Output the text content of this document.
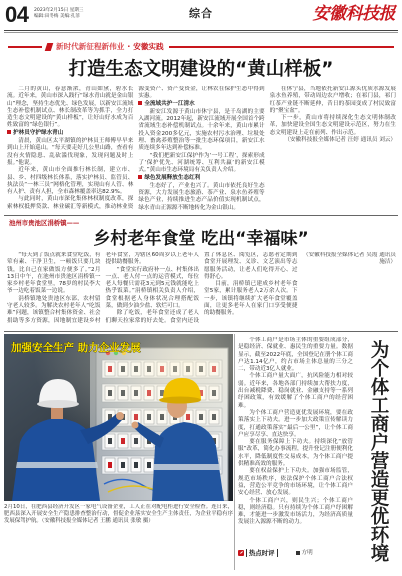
04 2023年2月15日 星期三
编辑:田冬梅 美编:孔菲	综合	安徽科技报
新时代新征程新伟业 · 安徽实践
打造生态文明建设的“黄山样板”

二月的黄山，春意渐浓，青山如黛，碧水长流。近年来，黄山市深入践行“绿水青山就是金山银山”理念，坚持生态优先、绿色发展，以新安江流域生态补偿机制试点、林长制改革等为抓手，全力打造生态文明建设的“黄山样板”，让好山好水成为百姓致富的“绿色银行”。

护林员守护绿水青山

清晨，黄山区太平湖镇的护林员王师傅早早来到山上开始巡山。“每天要走好几公里山路，查看有没有火情隐患、乱砍滥伐现象，发现问题及时上报。”他说。

近年来，黄山市全面推行林长制，建立市、县、乡、村四级林长体系，落实护林员、监管员、执法员“一林三员”网格化管理，实现山有人管、林有人护、责有人担，全市森林覆盖率达82.9%。

与此同时，黄山市深化集体林权制度改革，探索林权抵押贷款、林业碳汇等新模式，推动林业资源变资产、资产变资金，让林农在保护生态中得到实惠。

全流域共护一江清水

新安江发源于黄山市休宁县，是千岛湖的主要入湖河流。2012年起，新安江流域开展全国首个跨省流域生态补偿机制试点。十余年来，黄山市累计投入资金200多亿元，实施农村污水治理、垃圾处理、畜禽养殖整治等一批生态环保项目，新安江水质连续多年达到补偿标准。

“我们把新安江保护作为‘一号工程’，探索形成了‘保护优先、河湖统筹、互利共赢’的新安江模式。”黄山市生态环境局有关负责人介绍。

绿色发展释放生态红利

生态好了，产业也兴了。黄山市依托良好生态资源，大力发展生态旅游、茶产业、泉水鱼养殖等绿色产业，持续推进生态产品价值实现机制试点，绿水青山正源源不断地转化为金山银山。

在休宁县，当地依托新安江源头优质水源发展泉水鱼养殖，带动周边农户增收；在祁门县，祁门红茶产业链不断延伸，昔日的茶园变成了村民致富的“聚宝盆”。

下一步，黄山市将持续深化生态文明体制改革，加快建设全国生态文明建设示范区，努力在生态文明建设上走在前列、作出示范。

（安徽科技报全媒体记者 汪婷 通讯员 刘云）
池州市贵池区涓桥镇——
乡村老年食堂 吃出“幸福味”

“每天到了饭点就来食堂吃饭，有荤有素、干净卫生，一顿饭只要几块钱，比自己在家做饭方便多了。”2月13日中午，在池州市贵池区涓桥镇一家乡村老年食堂里，78岁的村民李大爷一边吃着饭菜一边说。

涓桥镇地处贵池区东部，农村留守老人较多。为解决农村老年人“吃饭难”问题，该镇整合村集体资金、社会捐助等多方资源，因地制宜建设乡村老年食堂，为辖区60周岁以上老年人提供助餐服务。

“食堂实行政府补一点、村集体出一点、老人付一点的运营模式，每位老人每餐只需花3元到5元钱就能吃上热乎饭菜。”涓桥镇相关负责人介绍，食堂根据老人身体状况合理搭配饭菜，做到少油少盐、软烂可口。

除了吃饭，老年食堂还成了老人们聊天拉家常的好去处。食堂内还设置了休息区、阅览区，志愿者定期到食堂开展理发、义诊、文艺演出等志愿服务活动，让老人们吃得开心、过得舒心。

目前，涓桥镇已建成乡村老年食堂5家，累计服务老人2万余人次。下一步，该镇将继续扩大老年食堂覆盖面，让更多老年人在家门口享受便捷的助餐服务。

（安徽科技报全媒体记者 吴霞 通讯员 施洁）
加强安全生产 助力企业发展
2月10日，在肥西县经济开发区一家电气设备企业，工人正在对配电柜进行安全检查。连日来，肥西县深入开展安全生产隐患排查整治行动，督促企业落实安全生产主体责任，为企业平稳有序发展保驾护航。（安徽科技报全媒体记者 王鹏 通讯员 张敏 摄）

个体工商户是市场主体的重要组成部分，是稳经济、保就业、惠民生的重要力量。数据显示，截至2022年底，全国登记在册个体工商户达1.14亿户，约占市场主体总量的三分之二，带动近3亿人就业。

个体工商户量大面广，抗风险能力相对较弱。近年来，各地各部门持续加大帮扶力度，出台减税降费、稳岗就业、金融支持等一系列纾困政策，有效缓解了个体工商户的经营困难。

为个体工商户营造更优发展环境，要在政策落实上下功夫。进一步加大政策宣传解读力度，打通政策落实“最后一公里”，让个体工商户应享尽享、直达快享。

要在服务保障上下功夫。持续深化“放管服”改革，简化办事流程，提升登记注册便利化水平，降低制度性交易成本，为个体工商户提供精准高效的服务。

要在权益保护上下功夫。加强市场监管，规范市场秩序，依法保护个体工商户合法权益，营造公平竞争的市场环境，让个体工商户安心经营、放心发展。

个体工商户兴，则民生兴；个体工商户稳，则经济稳。只有持续为个体工商户纾困解难，才能进一步激发市场活力，为经济高质量发展注入源源不断的动力。	为个体工商户营造更优环境
热点时评	方明
